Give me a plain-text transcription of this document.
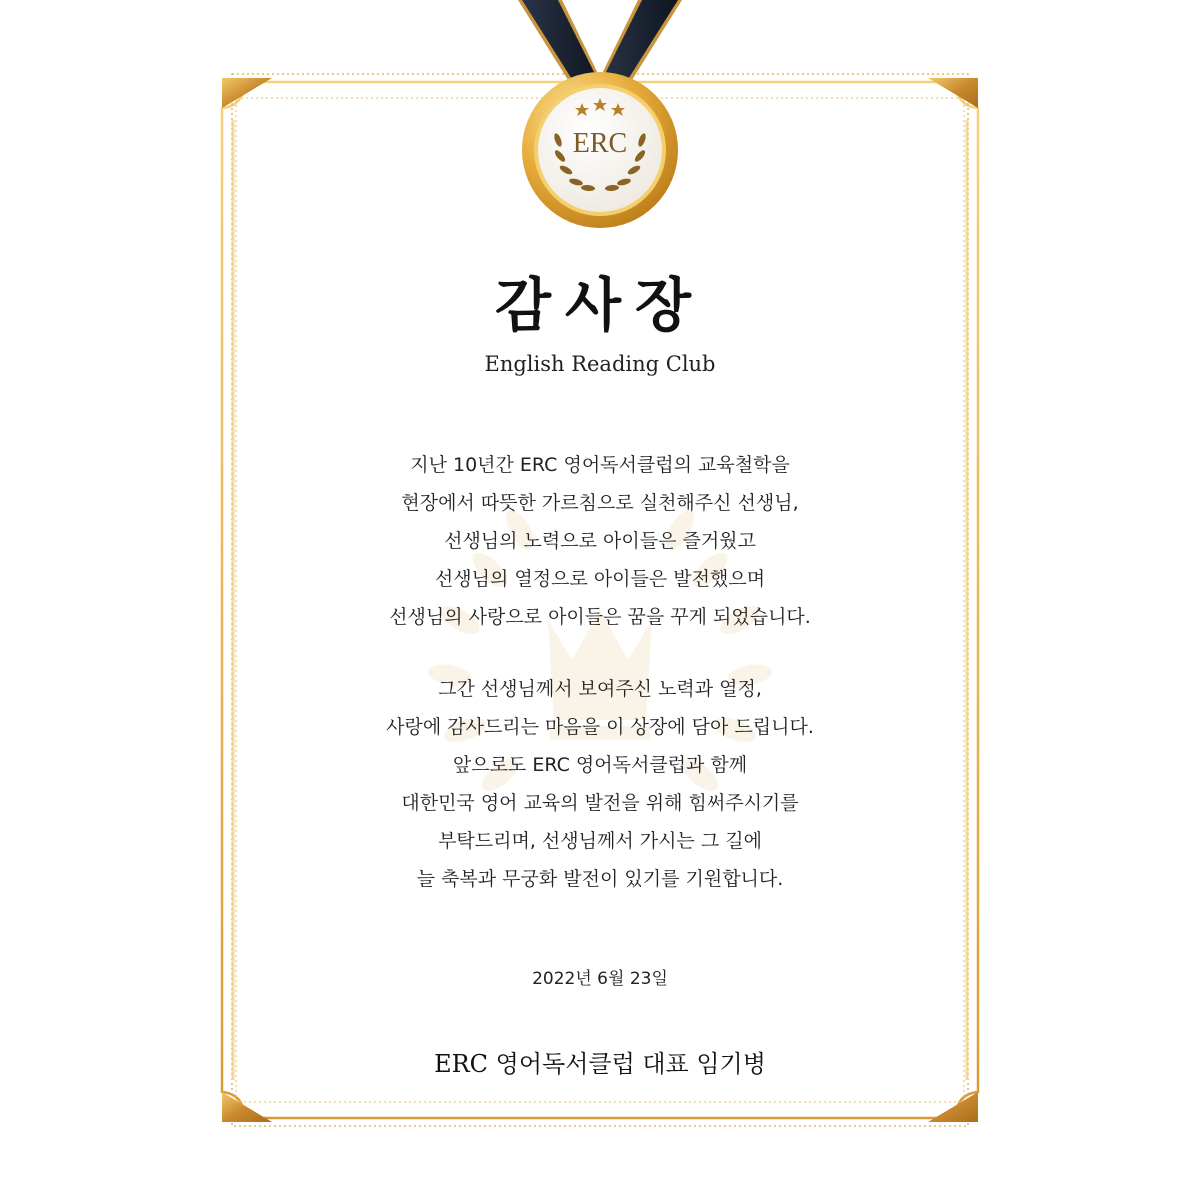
ERC
감사장
English Reading Club
지난 10년간 ERC 영어독서클럽의 교육철학을
현장에서 따뜻한 가르침으로 실천해주신 선생님,
선생님의 노력으로 아이들은 즐거웠고
선생님의 열정으로 아이들은 발전했으며
선생님의 사랑으로 아이들은 꿈을 꾸게 되었습니다.
그간 선생님께서 보여주신 노력과 열정,
사랑에 감사드리는 마음을 이 상장에 담아 드립니다.
앞으로도 ERC 영어독서클럽과 함께
대한민국 영어 교육의 발전을 위해 힘써주시기를
부탁드리며, 선생님께서 가시는 그 길에
늘 축복과 무궁화 발전이 있기를 기원합니다.
2022년 6월 23일
ERC 영어독서클럽 대표 임기병
